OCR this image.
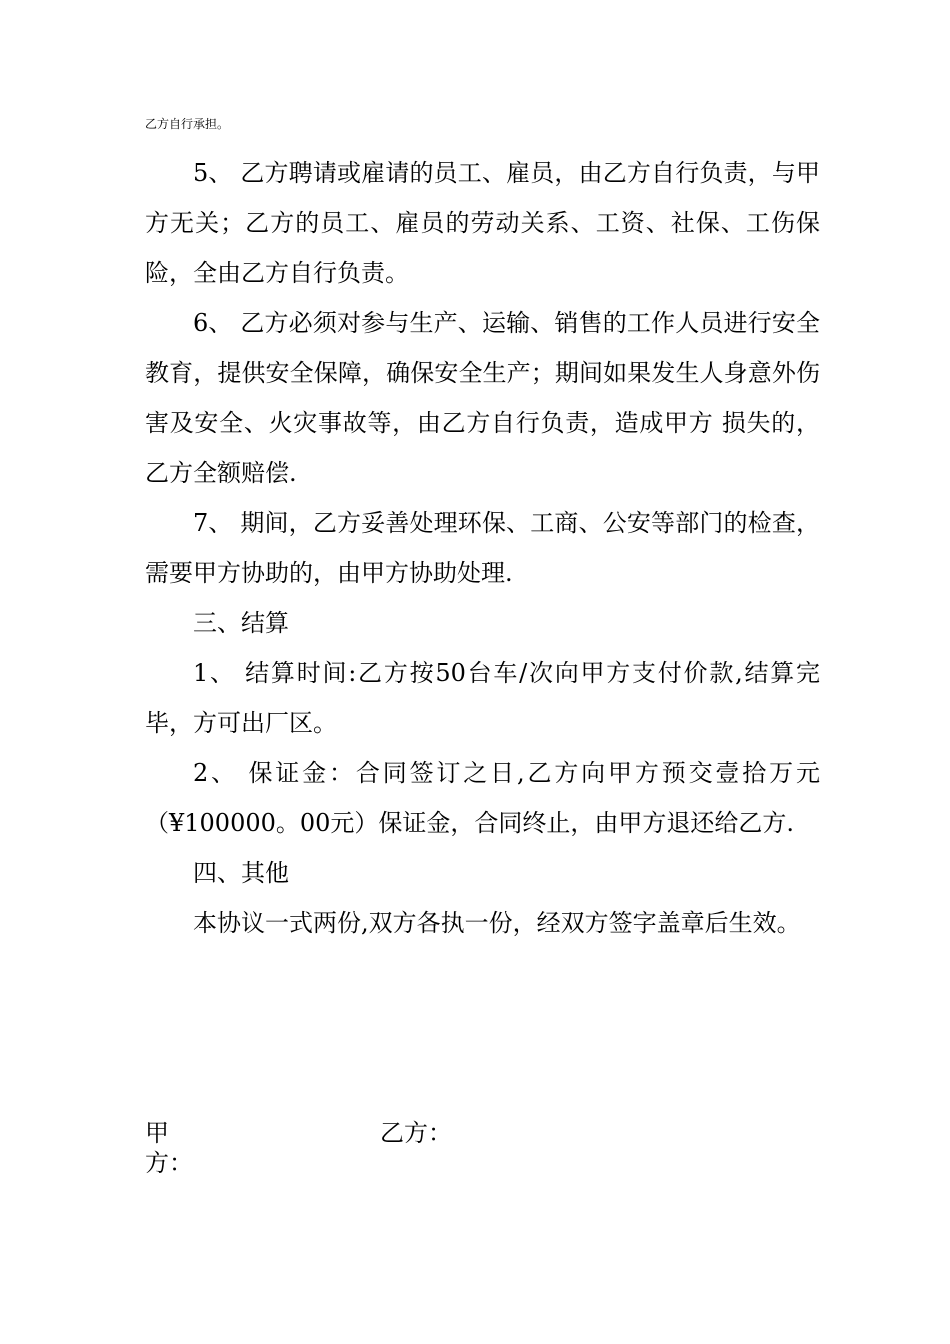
乙方自行承担。

5、 乙方聘请或雇请的员工、雇员，由乙方自行负责，与甲方无关；乙方的员工、雇员的劳动关系、工资、社保、工伤保险，全由乙方自行负责。

6、 乙方必须对参与生产、运输、销售的工作人员进行安全教育，提供安全保障，确保安全生产；期间如果发生人身意外伤害及安全、火灾事故等，由乙方自行负责，造成甲方 损失的，乙方全额赔偿.

7、 期间，乙方妥善处理环保、工商、公安等部门的检查，需要甲方协助的，由甲方协助处理.

三、结算

1、 结算时间:乙方按50台车/次向甲方支付价款,结算完毕，方可出厂区。

2、 保证金：合同签订之日,乙方向甲方预交壹拾万元（¥100000。00元）保证金，合同终止，由甲方退还给乙方.

四、其他

本协议一式两份,双方各执一份，经双方签字盖章后生效。

甲方：
乙方：
